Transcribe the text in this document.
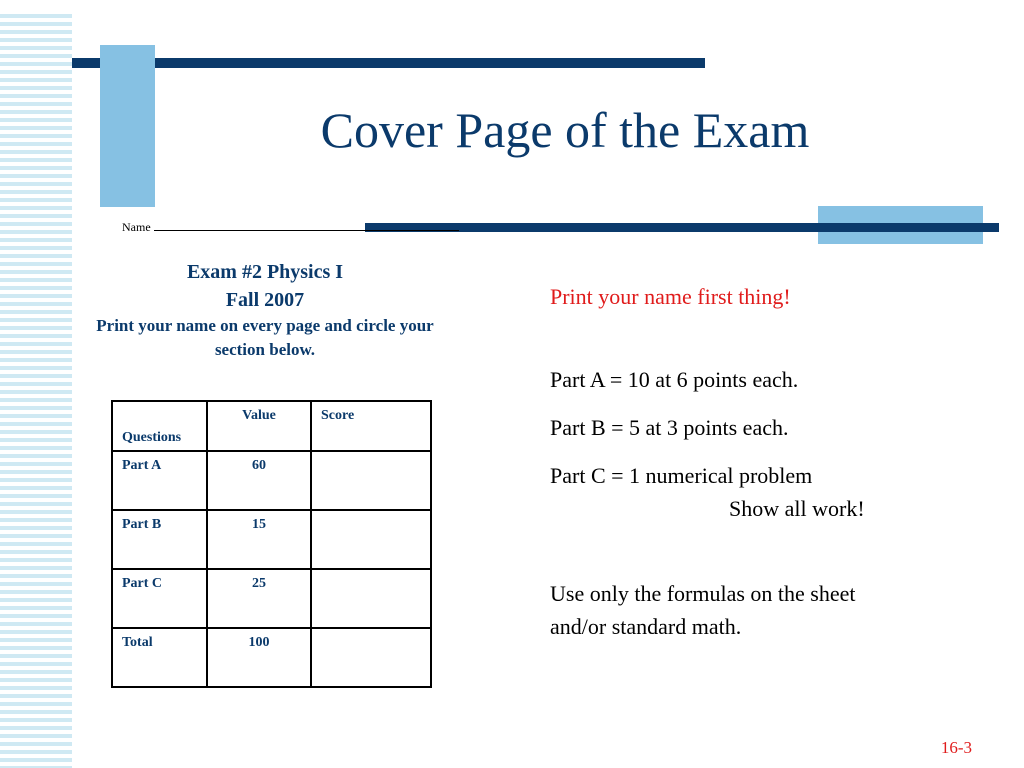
Cover Page of the Exam
Name
Exam #2 Physics I
Fall 2007
Print your name on every page and circle your
section below.
Questions	Value	Score
Part A	60	
Part B	15	
Part C	25	
Total	100	

Print your name first thing!

Part A = 10 at 6 points each.

Part B = 5 at 3 points each.

Part C = 1 numerical problem

Show all work!

Use only the formulas on the sheet

and/or standard math.

16-3
